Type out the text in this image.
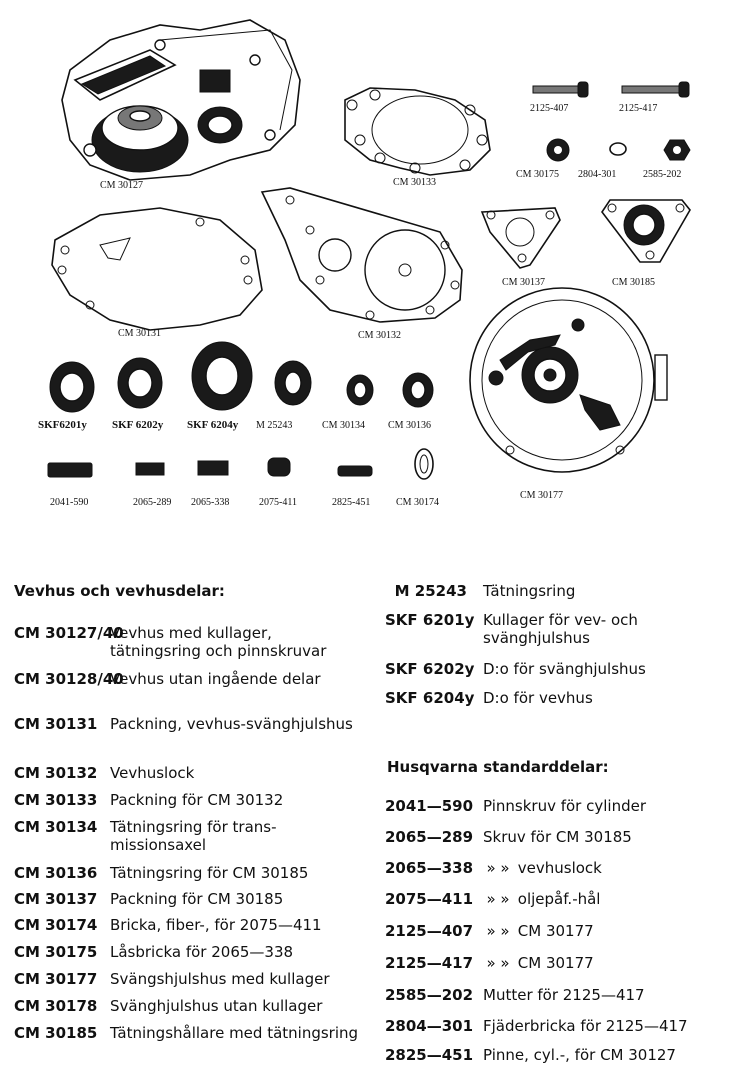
CM 30127	CM 30133
2125-407	2125-417
CM 30175 2804-301	2585-202
CM 30131	CM 30132
CM 30137	CM 30185
SKF6201y SKF 6202y SKF 6204y M 25243	CM 30134 CM 30136
2041-590	2065-289 2065-338	2075-411	2825-451	CM 30174
CM 30177
Vevhus och vevhusdelar:
CM 30127/40
Vevhus med kullager, tätningsring och pinnskruvar
CM 30128/40
Vevhus utan ingående delar
CM 30131 Packning, vevhus-svänghjulshus
CM 30132 Vevhuslock
CM 30133 Packning för CM 30132
CM 30134 Tätningsring för trans-missionsaxel
CM 30136 Tätningsring för CM 30185
CM 30137 Packning för CM 30185
CM 30174 Bricka, fiber-, för 2075—411
CM 30175 Låsbricka för 2065—338
CM 30177 Svängshjulshus med kullager
CM 30178 Svänghjulshus utan kullager
CM 30185 Tätningshållare med tätningsring
M 25243	Tätningsring
SKF 6201y Kullager för vev- och svänghjulshus
SKF 6202y D:o för svänghjulshus
SKF 6204y D:o för vevhus
Husqvarna standarddelar:
2041—590 Pinnskruv för cylinder
2065—289 Skruv för CM 30185
2065—338 » » vevhuslock
2075—411 » » oljepåf.-hål
2125—407 » » CM 30177
2125—417 » » CM 30177
2585—202 Mutter för 2125—417
2804—301 Fjäderbricka för 2125—417
2825—451 Pinne, cyl.-, för CM 30127
